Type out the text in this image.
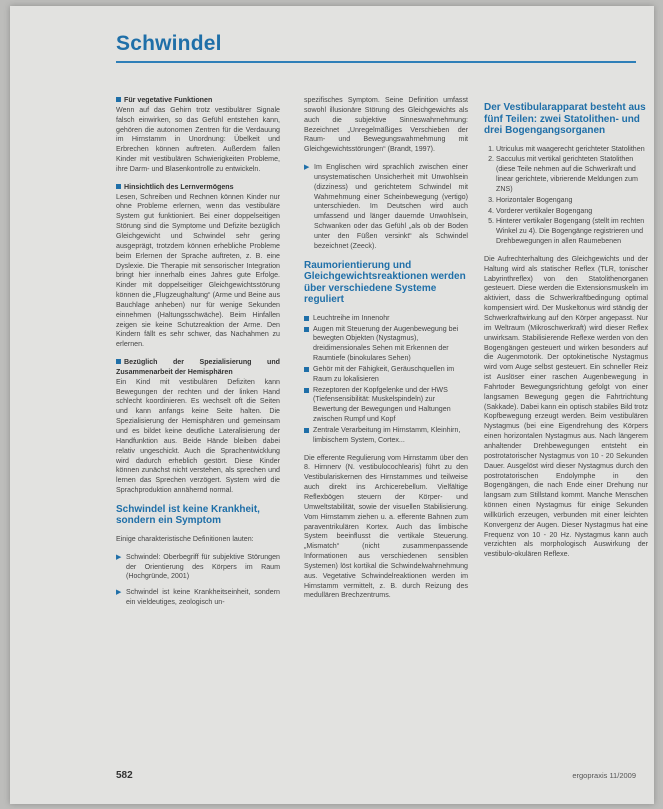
Schwindel

Für vegetative Funktionen
Wenn auf das Gehirn trotz vestibulärer Signale falsch einwirken, so das Gefühl entstehen kann, gehören die autonomen Zentren für die Verdauung im Hirnstamm in Unordnung: Übelkeit und Erbrechen können auftreten. Außerdem fallen Kinder mit vestibulären Schwierigkeiten Probleme, ihre Darm- und Blasenkontrolle zu entwickeln.

Hinsichtlich des Lernvermögens
Lesen, Schreiben und Rechnen können Kinder nur ohne Probleme erlernen, wenn das vestibuläre System gut funktioniert. Bei einer doppelseitigen Störung sind die Symptome und Defizite bezüglich Gleichgewicht und Schwindel sehr gering ausgeprägt, trotzdem können erhebliche Probleme beim Erlernen der Sprache auftreten, z. B. eine Dyslexie. Die Therapie mit sensorischer Integration bringt hier innerhalb eines Jahres gute Erfolge. Kinder mit doppelseitiger Gleichgewichtsstörung können die „Flugzeughaltung“ (Arme und Beine aus Bauchlage anheben) nur für wenige Sekunden einnehmen (Haltungsschwäche). Beim Hinfallen zeigen sie keine Schutzreaktion der Arme. Den Kindern fällt es sehr schwer, das Nachahmen zu erlernen.

Bezüglich der Spezialisierung und Zusammenarbeit der Hemisphären
Ein Kind mit vestibulären Defiziten kann Bewegungen der rechten und der linken Hand schlecht koordinieren. Es wechselt oft die Seiten und kann anfangs keine Seite halten. Die Spezialisierung der Hemisphären und gemeinsam und es bildet keine deutliche Lateralisierung der Handfunktion aus. Beide Hände bleiben dabei relativ ungeschickt. Auch die Sprachentwicklung wird dadurch erheblich gestört. Diese Kinder können zunächst nicht verstehen, als sprechen und lernen das Sprechen verzögert. System wird die Sprachproduktion annähernd normal.

Schwindel ist keine Krankheit, sondern ein Symptom

Einige charakteristische Definitionen lauten:

▶ Schwindel: Oberbegriff für subjektive Störungen der Orientierung des Körpers im Raum (Hochgründe, 2001)
▶ Schwindel ist keine Krankheitseinheit, sondern ein vieldeutiges, zeologisch un-

spezifisches Symptom. Seine Definition umfasst sowohl illusionäre Störung des Gleichgewichts als auch die subjektive Sinneswahrnehmung: Bezeichnet „Unregelmäßiges Verschieben der Raum- und Bewegungswahrnehmung mit Gleichgewichtsstörungen“ (Brandt, 1997).

▶ Im Englischen wird sprachlich zwischen einer unsystematischen Unsicherheit mit Unwohlsein (dizziness) und gerichtetem Schwindel mit Wahrnehmung einer Scheinbewegung (vertigo) unterschieden. Im Deutschen wird auch umfassend und länger dauernde Unwohlsein, Schwanken oder das Gefühl „als ob der Boden unter den Füßen versinkt“ als Schwindel bezeichnet (Zeeck).
Raumorientierung und Gleichgewichtsreaktionen werden über verschiedene Systeme reguliert
Leuchtreihe im Innenohr
Augen mit Steuerung der Augenbewegung bei bewegten Objekten (Nystagmus), dreidimensionales Sehen mit Erkennen der Raumtiefe (binokulares Sehen)
Gehör mit der Fähigkeit, Geräuschquellen im Raum zu lokalisieren
Rezeptoren der Kopfgelenke und der HWS (Tiefensensibilität: Muskelspindeln) zur Bewertung der Bewegungen und Haltungen zwischen Rumpf und Kopf
Zentrale Verarbeitung im Hirnstamm, Kleinhirn, limbischem System, Cortex...

Die efferente Regulierung vom Hirnstamm über den 8. Hirnnerv (N. vestibulocochlearis) führt zu den Vestibulariskernen des Hirnstammes und teilweise auch direkt ins Archicerebellum. Vielfältige Reflexbögen steuern der Körper- und Umweltstabilität, sowie der visuellen Stabilisierung. Vom Hirnstamm ziehen u. a. efferente Bahnen zum paraventrikulären Kortex. Auch das limbische System beeinflusst die vertikale Steuerung. „Mismatch“ (nicht zusammenpassende Informationen aus verschiedenen sensiblen Systemen) löst kortikal die Schwindelwahrnehmung aus. Vegetative Schwindelreaktionen werden im Hirnstamm vermittelt, z. B. durch Reizung des medullären Brechzentrums.

Der Vestibularapparat besteht aus fünf Teilen: zwei Statolithen- und drei Bogengangsorganen
1. Utriculus mit waagerecht gerichteter Statolithen
2. Sacculus mit vertikal gerichteten Statolithen (diese Teile nehmen auf die Schwerkraft und linear gerichtete, vibrierende Meldungen zum ZNS)
3. Horizontaler Bogengang
4. Vorderer vertikaler Bogengang
5. Hinterer vertikaler Bogengang (stellt im rechten Winkel zu 4). Die Bogengänge registrieren und Drehbewegungen in allen Raumebenen

Die Aufrechterhaltung des Gleichgewichts und der Haltung wird als statischer Reflex (TLR, tonischer Labyrinthreflex) von den Statolithenorganen gesteuert. Diese werden die Extensionsmuskeln im aktiviert, dass die Schwerkraftbedingung optimal kompensiert wird. Der Muskeltonus wird ständig der Schwerkraftwirkung auf den Körper angepasst. Nur im Weltraum (Mikroschwerkraft) wird dieser Reflex unwirksam. Stabilisierende Reflexe werden von den Bogengängen gesteuert und wirken besonders auf die Augenmotorik. Der optokinetische Nystagmus wird vom Auge selbst gesteuert. Ein schneller Reiz ist Auslöser einer raschen Augenbewegung in Fahrtoder Bewegungsrichtung gefolgt von einer langsamen Bewegung gegen die Fahrtrichtung (Sakkade). Dabei kann ein optisch stabiles Bild trotz Kopfbewegung erzeugt werden. Beim vestibulären Nystagmus (bei eine Eigendrehung des Körpers einen horizontalen Nystagmus aus. Nach längerem anhaltender Drehbewegungen entsteht ein postrotatorischer Nystagmus von 10 - 20 Sekunden Dauer. Ausgelöst wird dieser Nystagmus durch den postrotatorischen Endolymphe in den Bogengängen, die nach Ende einer Drehung nur langsam zum Stillstand kommt. Manche Menschen können einen Nystagmus für einige Sekunden willkürlich erzeugen, verbunden mit einer leichten Konvergenz der Augen. Dieser Nystagmus hat eine Frequenz von 10 - 20 Hz. Nystagmus kann auch verzichten als morphologisch Auswirkung der vestibulo-okulären Reflexe.

582	ergopraxis 11/2009
